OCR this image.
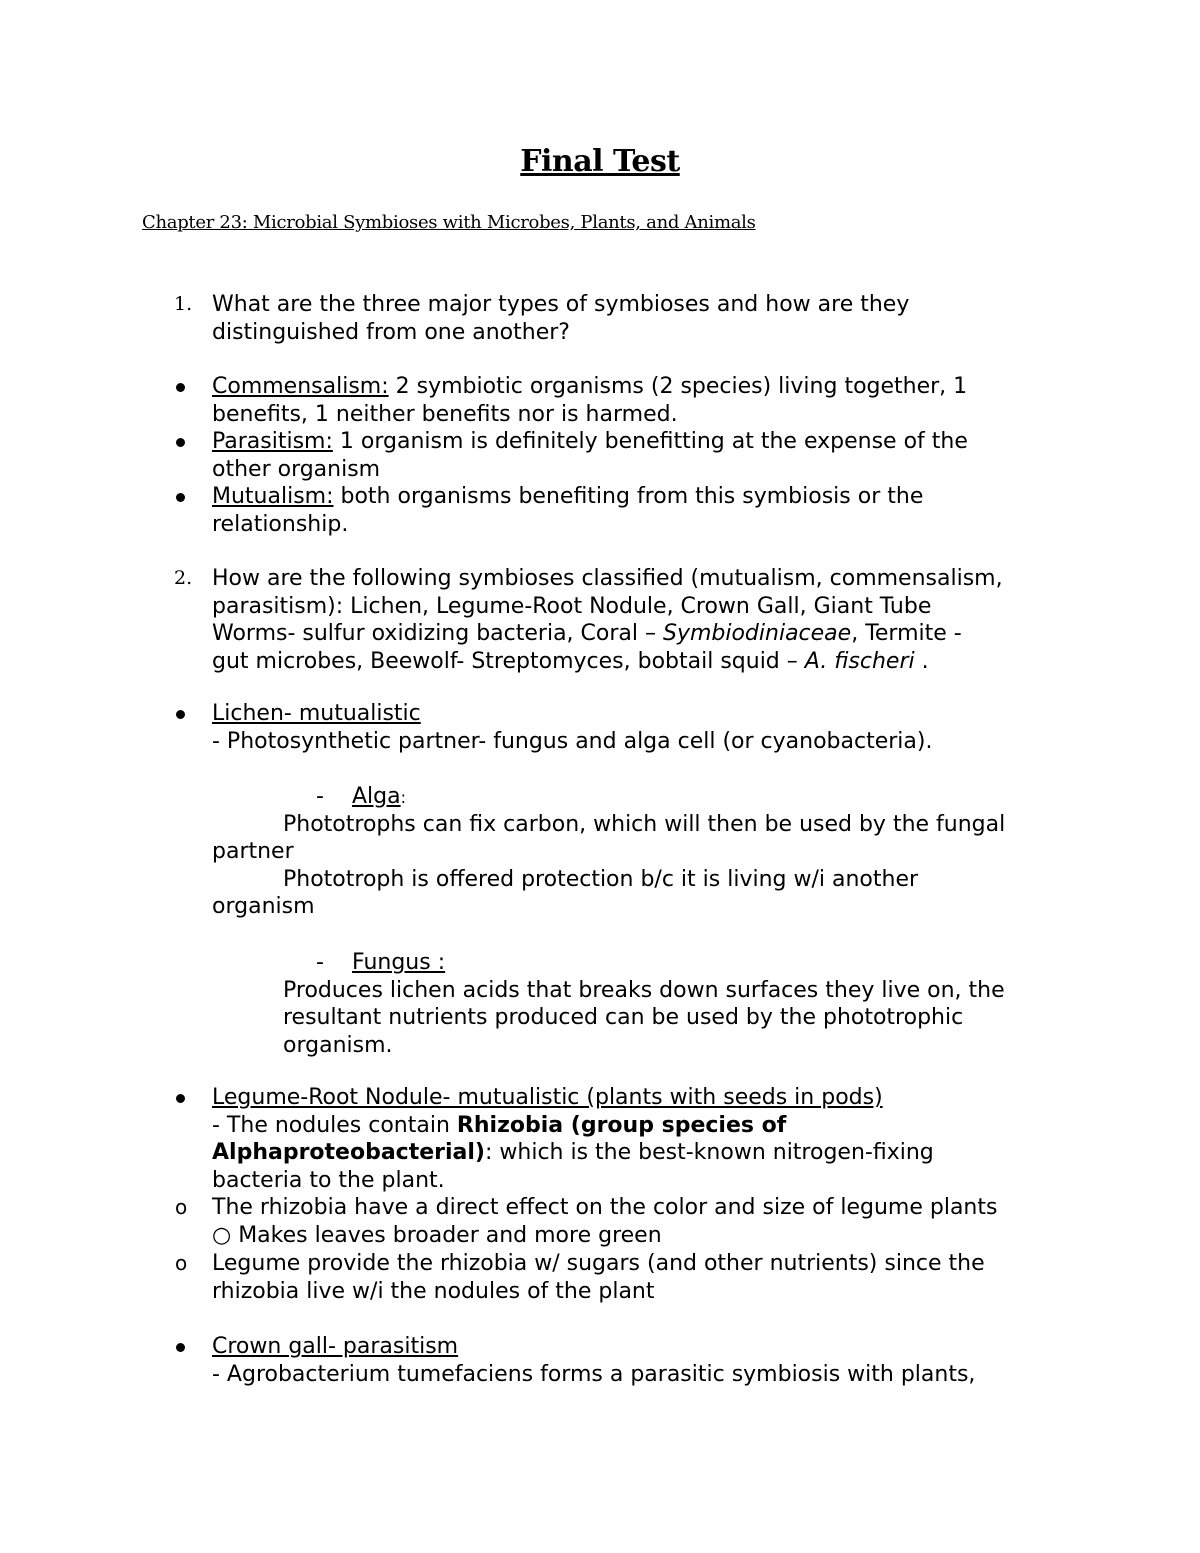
Final Test
Chapter 23: Microbial Symbioses with Microbes, Plants, and Animals
1. What are the three major types of symbioses and how are they
distinguished from one another?
Commensalism: 2 symbiotic organisms (2 species) living together, 1
benefits, 1 neither benefits nor is harmed.
Parasitism: 1 organism is definitely benefitting at the expense of the
other organism
Mutualism: both organisms benefiting from this symbiosis or the
relationship.
2. How are the following symbioses classified (mutualism, commensalism,
parasitism): Lichen, Legume-Root Nodule, Crown Gall, Giant Tube
Worms- sulfur oxidizing bacteria, Coral – Symbiodiniaceae, Termite -
gut microbes, Beewolf- Streptomyces, bobtail squid – A. fischeri .
Lichen- mutualistic
- Photosynthetic partner- fungus and alga cell (or cyanobacteria).
- Alga:
Phototrophs can fix carbon, which will then be used by the fungal
partner
Phototroph is offered protection b/c it is living w/i another
organism
- Fungus :
Produces lichen acids that breaks down surfaces they live on, the
resultant nutrients produced can be used by the phototrophic
organism.
Legume-Root Nodule- mutualistic (plants with seeds in pods)
- The nodules contain Rhizobia (group species of
Alphaproteobacterial): which is the best-known nitrogen-fixing
bacteria to the plant.
o	The rhizobia have a direct effect on the color and size of legume plants
○ Makes leaves broader and more green
o	Legume provide the rhizobia w/ sugars (and other nutrients) since the
rhizobia live w/i the nodules of the plant
Crown gall- parasitism
- Agrobacterium tumefaciens forms a parasitic symbiosis with plants,
